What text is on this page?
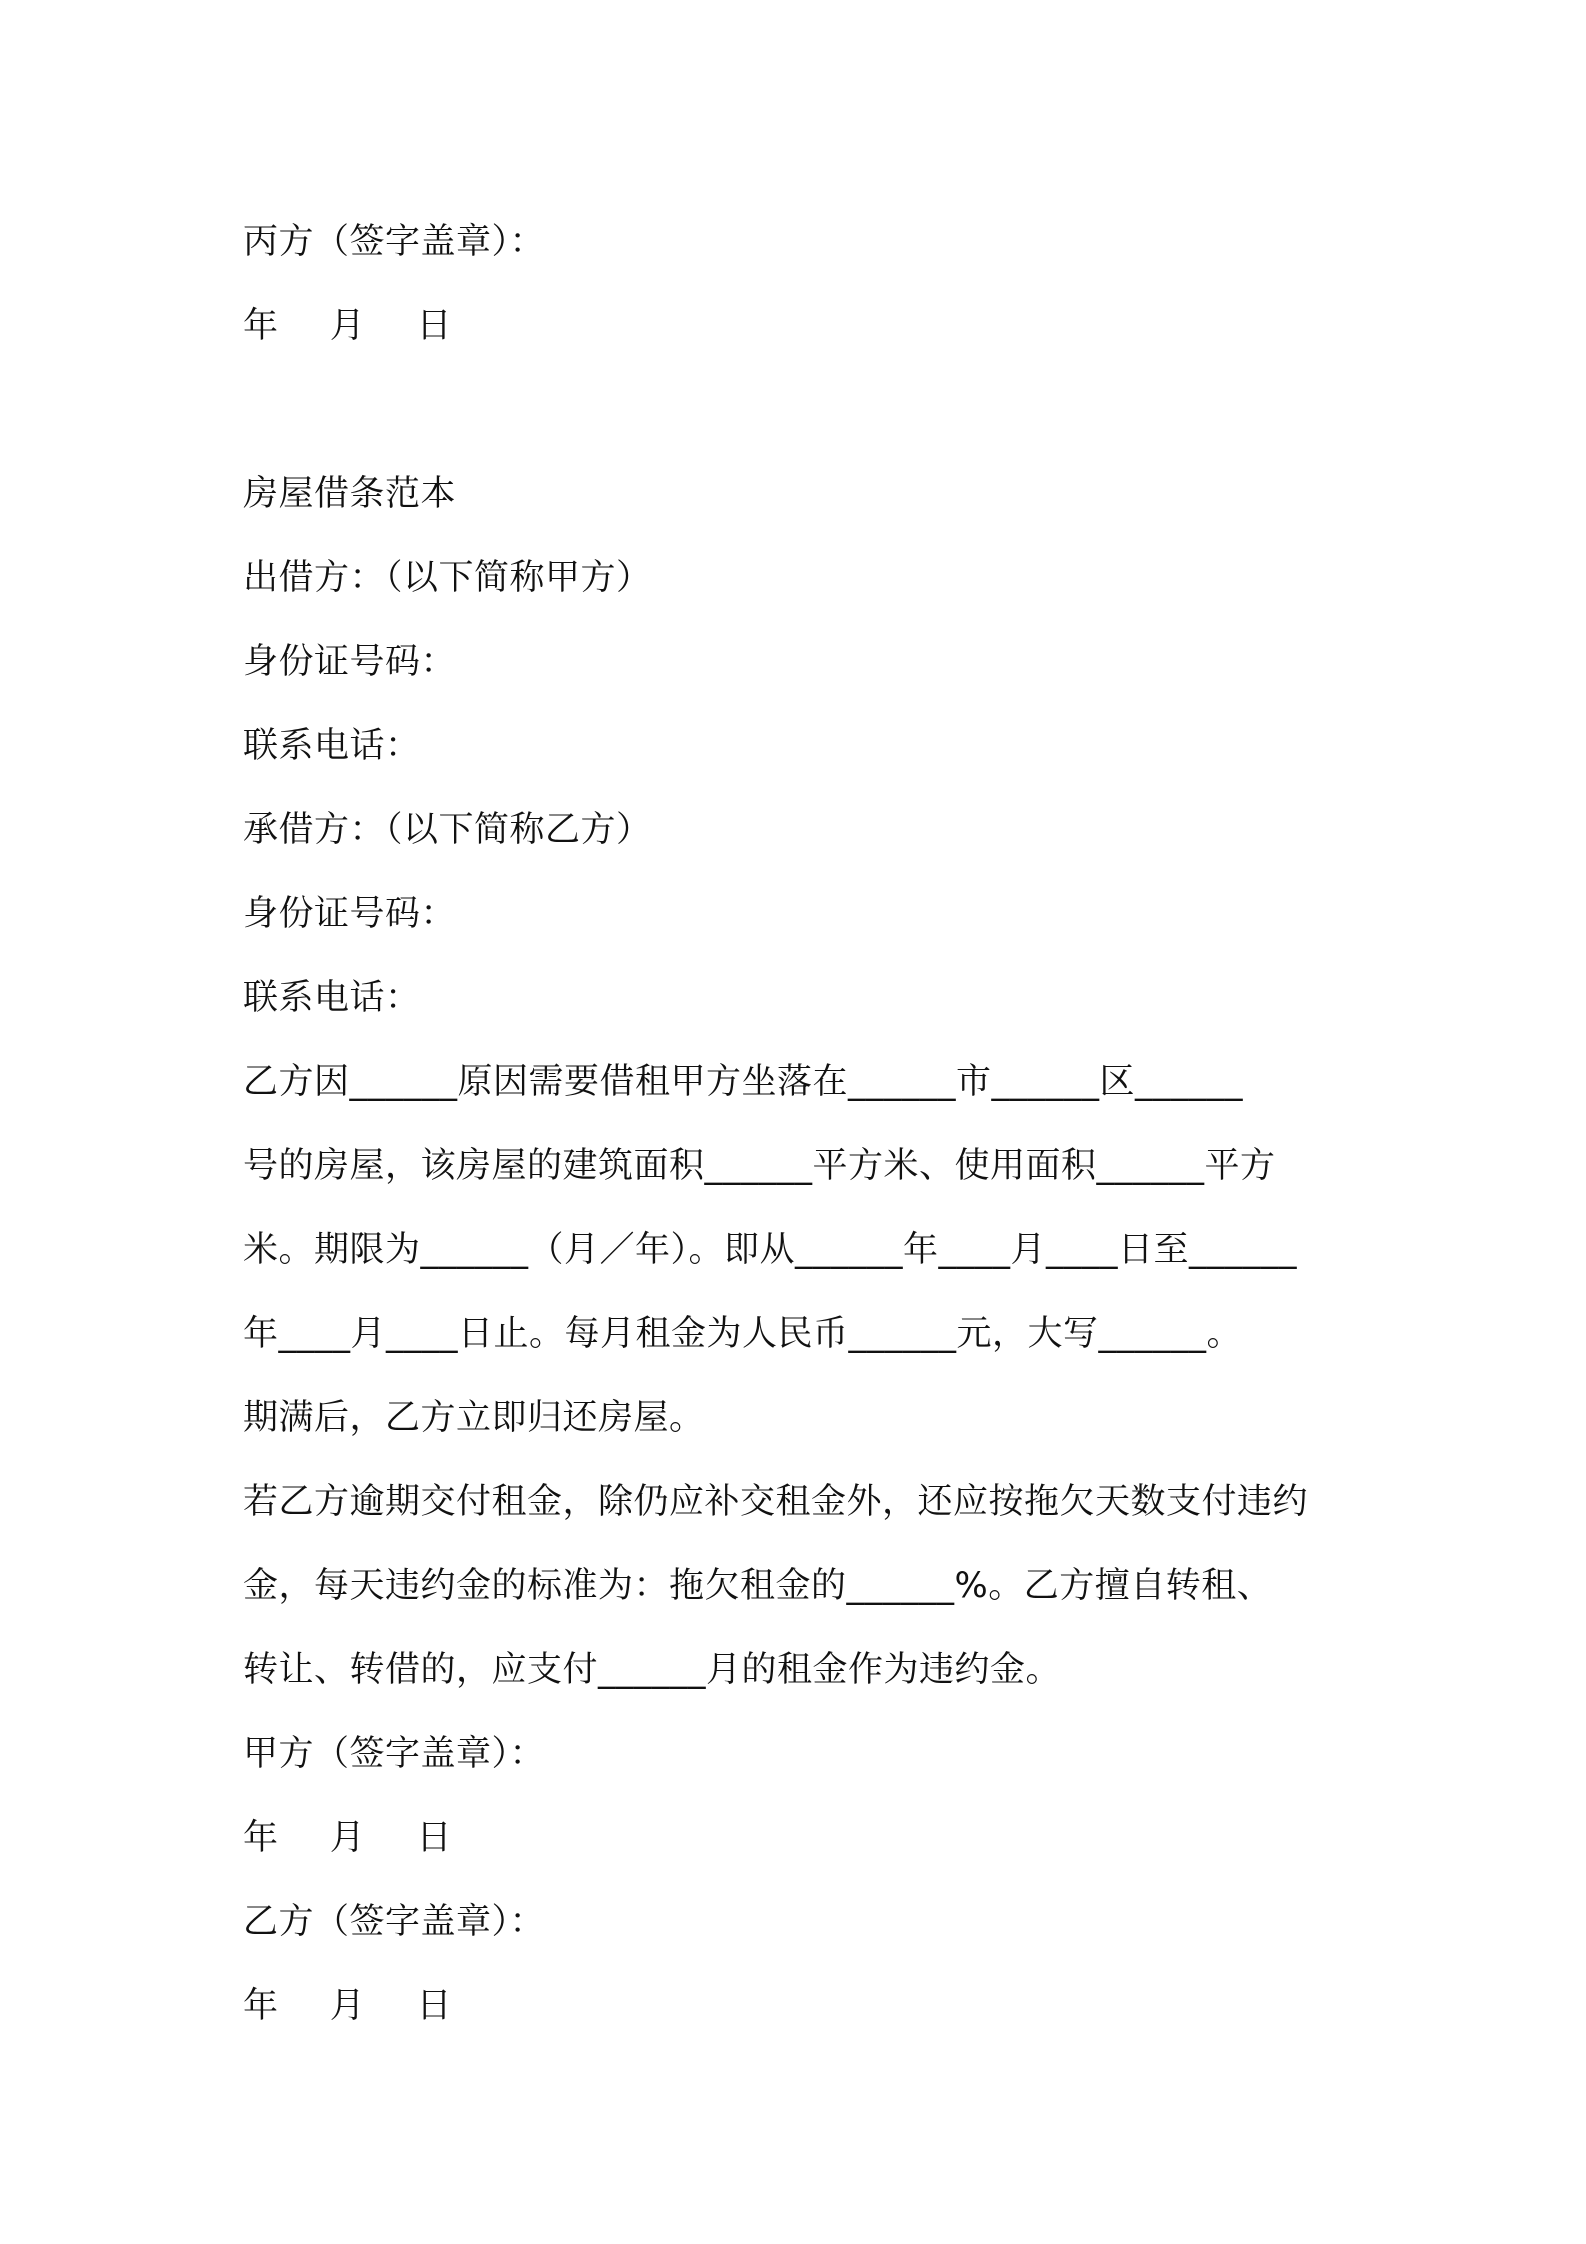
丙方（签字盖章）：
年  月  日
房屋借条范本
出借方：（以下简称甲方）
身份证号码：
联系电话：
承借方：（以下简称乙方）
身份证号码：
联系电话：
乙方因______原因需要借租甲方坐落在______市______区______
号的房屋，该房屋的建筑面积______平方米、使用面积______平方
米。期限为______（月／年）。即从______年____月____日至______
年____月____日止。每月租金为人民币______元，大写______。
期满后，乙方立即归还房屋。
若乙方逾期交付租金，除仍应补交租金外，还应按拖欠天数支付违约
金，每天违约金的标准为：拖欠租金的______%。乙方擅自转租、
转让、转借的，应支付______月的租金作为违约金。
甲方（签字盖章）：
年  月  日
乙方（签字盖章）：
年  月  日
